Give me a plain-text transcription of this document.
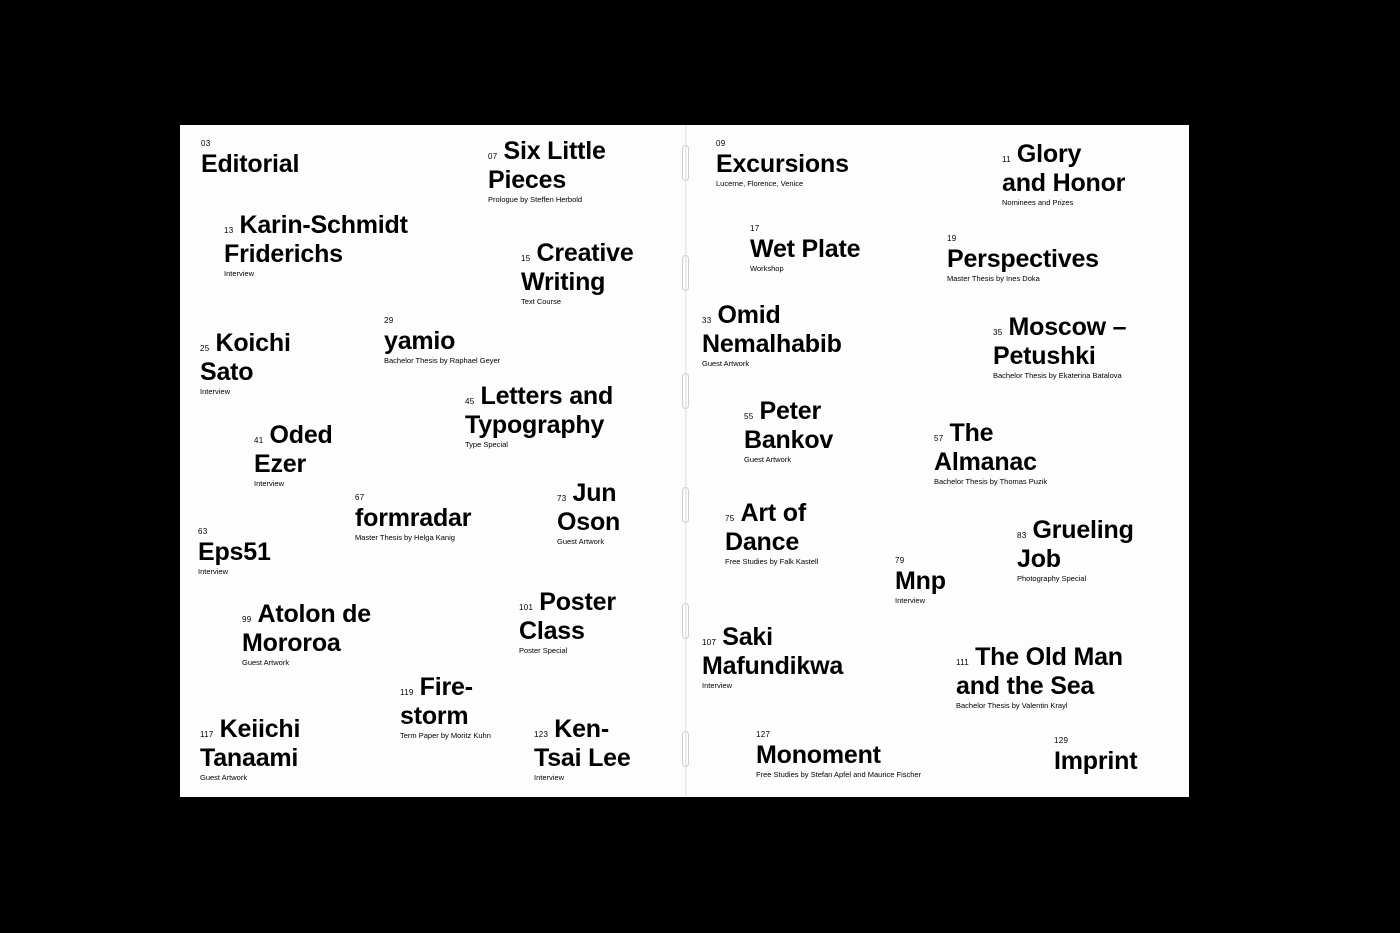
03
Editorial	07 Six Little
Pieces
Prologue by Steffen Herbold
13 Karin-Schmidt
Friderichs
Interview
15 Creative
Writing
Text Course
25 Koichi
Sato
Interview
29
yamio
Bachelor Thesis by Raphael Geyer
45 Letters and
Typography
Type Special
41 Oded
Ezer
Interview
67
formradar
Master Thesis by Helga Kanig
73 Jun
Oson
Guest Artwork
63
Eps51
Interview
99 Atolon de
Mororoa
Guest Artwork
101 Poster
Class
Poster Special
119 Fire-
storm
Term Paper by Moritz Kuhn
117 Keiichi
Tanaami
Guest Artwork
123 Ken-
Tsai Lee
Interview
09
Excursions
Lucerne, Florence, Venice
11 Glory
and Honor
Nominees and Prizes
17
Wet Plate
Workshop
19
Perspectives
Master Thesis by Ines Doka
33 Omid
Nemalhabib
Guest Artwork
35 Moscow –
Petushki
Bachelor Thesis by Ekaterina Batalova
55 Peter
Bankov
Guest Artwork
57 The
Almanac
Bachelor Thesis by Thomas Puzik
75 Art of
Dance
Free Studies by Falk Kastell
83 Grueling
Job
Photography Special
79
Mnp
Interview
107 Saki
Mafundikwa
Interview
111 The Old Man
and the Sea
Bachelor Thesis by Valentin Krayl
127
Monoment
Free Studies by Stefan Apfel and Maurice Fischer
129
Imprint
